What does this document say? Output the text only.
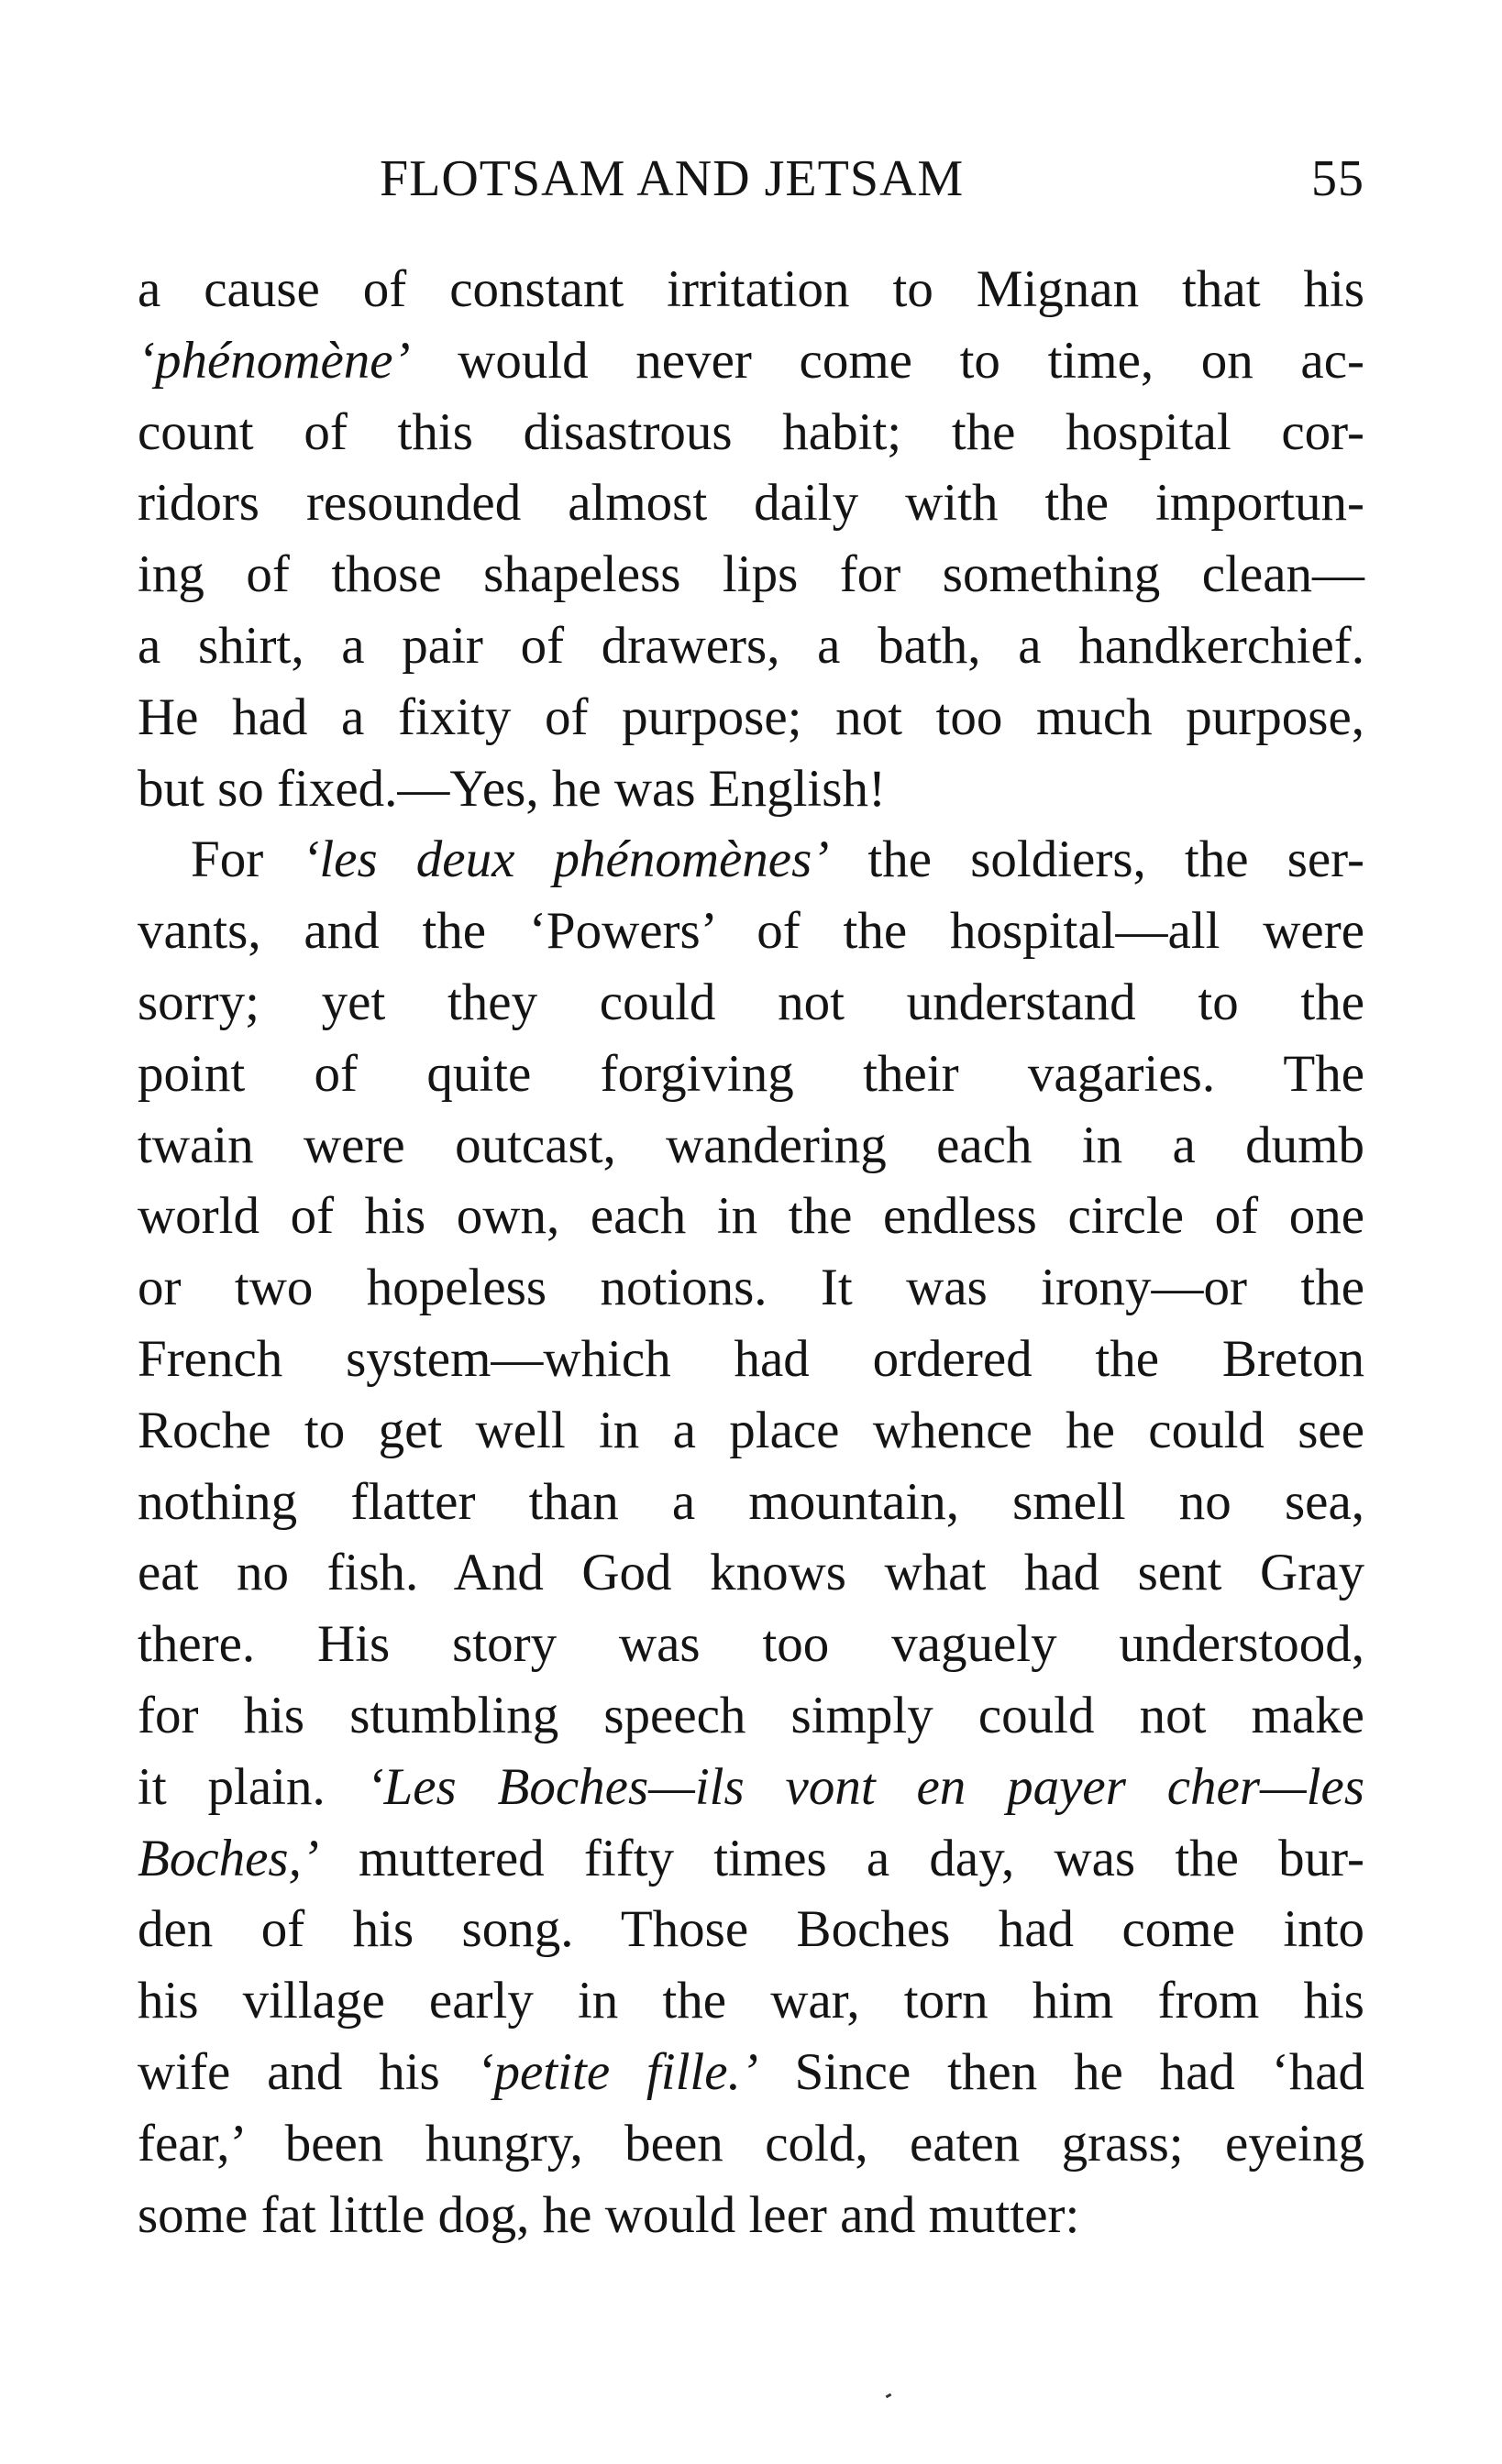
FLOTSAM AND JETSAM	55
a cause of constant irritation to Mignan that his
‘phénomène’ would never come to time, on ac-
count of this disastrous habit; the hospital cor-
ridors resounded almost daily with the importun-
ing of those shapeless lips for something clean—
a shirt, a pair of drawers, a bath, a handkerchief.
He had a fixity of purpose; not too much purpose,
but so fixed.—Yes, he was English!
For ‘les deux phénomènes’ the soldiers, the ser-
vants, and the ‘Powers’ of the hospital—all were
sorry; yet they could not understand to the
point of quite forgiving their vagaries. The
twain were outcast, wandering each in a dumb
world of his own, each in the endless circle of one
or two hopeless notions. It was irony—or the
French system—which had ordered the Breton
Roche to get well in a place whence he could see
nothing flatter than a mountain, smell no sea,
eat no fish. And God knows what had sent Gray
there. His story was too vaguely understood,
for his stumbling speech simply could not make
it plain. ‘Les Boches—ils vont en payer cher—les
Boches,’ muttered fifty times a day, was the bur-
den of his song. Those Boches had come into
his village early in the war, torn him from his
wife and his ‘petite fille.’ Since then he had ‘had
fear,’ been hungry, been cold, eaten grass; eyeing
some fat little dog, he would leer and mutter:
